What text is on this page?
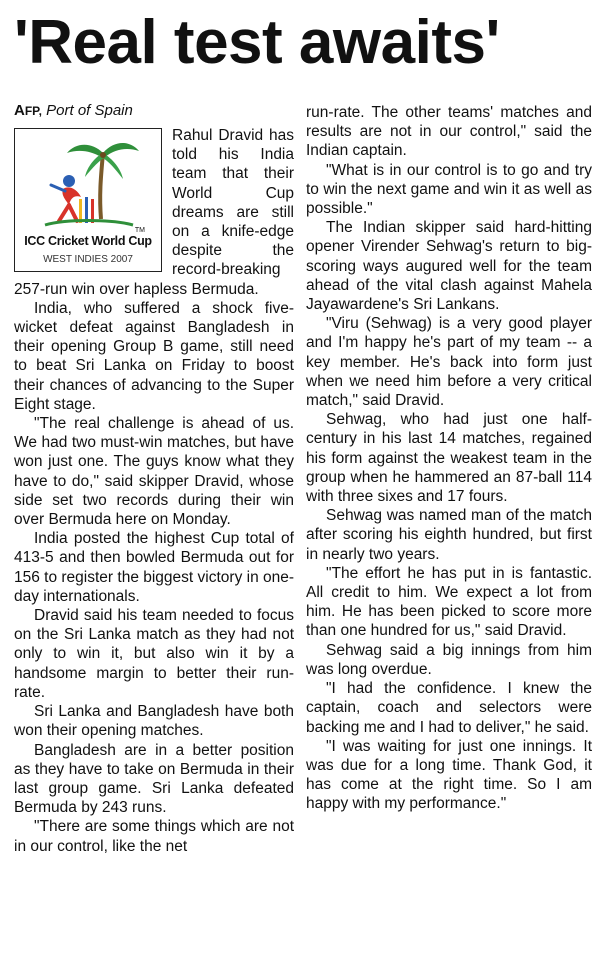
'Real test awaits'
AFP, Port of Spain
TM
ICC Cricket World Cup
WEST INDIES 2007

Rahul Dravid has told his India team that their World Cup dreams are still on a knife-edge despite the record-breaking 257-run win over hapless Bermuda.

India, who suffered a shock five-wicket defeat against Bangladesh in their opening Group B game, still need to beat Sri Lanka on Friday to boost their chances of advancing to the Super Eight stage.

"The real challenge is ahead of us. We had two must-win matches, but have won just one. The guys know what they have to do," said skipper Dravid, whose side set two records during their win over Bermuda here on Monday.

India posted the highest Cup total of 413-5 and then bowled Bermuda out for 156 to register the biggest victory in one-day internationals.

Dravid said his team needed to focus on the Sri Lanka match as they had not only to win it, but also win it by a handsome margin to better their run-rate.

Sri Lanka and Bangladesh have both won their opening matches.

Bangladesh are in a better position as they have to take on Bermuda in their last group game. Sri Lanka defeated Bermuda by 243 runs.

"There are some things which are not in our control, like the net

run-rate. The other teams' matches and results are not in our control," said the Indian captain.

"What is in our control is to go and try to win the next game and win it as well as possible."

The Indian skipper said hard-hitting opener Virender Sehwag's return to big-scoring ways augured well for the team ahead of the vital clash against Mahela Jayawardene's Sri Lankans.

"Viru (Sehwag) is a very good player and I'm happy he's part of my team -- a key member. He's back into form just when we need him before a very critical match," said Dravid.

Sehwag, who had just one half-century in his last 14 matches, regained his form against the weakest team in the group when he hammered an 87-ball 114 with three sixes and 17 fours.

Sehwag was named man of the match after scoring his eighth hundred, but first in nearly two years.

"The effort he has put in is fantastic. All credit to him. We expect a lot from him. He has been picked to score more than one hundred for us," said Dravid.

Sehwag said a big innings from him was long overdue.

"I had the confidence. I knew the captain, coach and selectors were backing me and I had to deliver," he said.

"I was waiting for just one innings. It was due for a long time. Thank God, it has come at the right time. So I am happy with my performance."
